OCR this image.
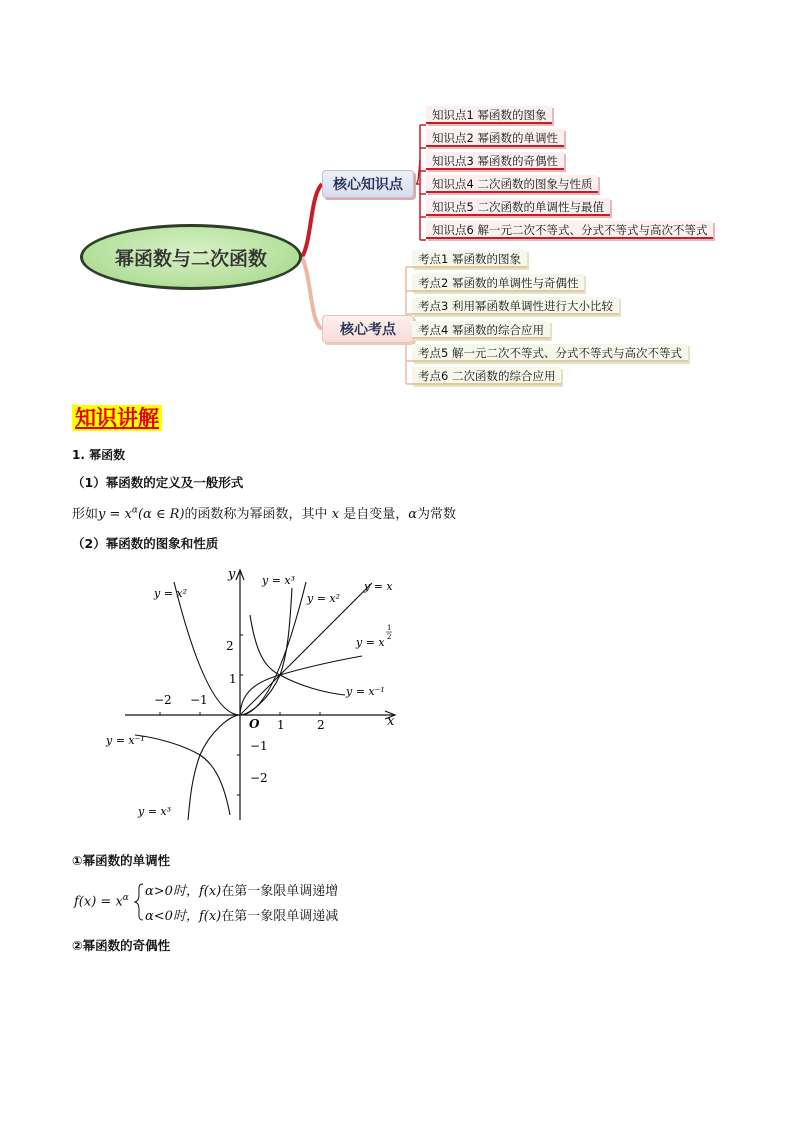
幂函数与二次函数
核心知识点
核心考点
知识点1 幂函数的图象
知识点2 幂函数的单调性
知识点3 幂函数的奇偶性
知识点4 二次函数的图象与性质
知识点5 二次函数的单调性与最值
知识点6 解一元二次不等式、分式不等式与高次不等式
考点1 幂函数的图象
考点2 幂函数的单调性与奇偶性
考点3 利用幂函数单调性进行大小比较
考点4 幂函数的综合应用
考点5 解一元二次不等式、分式不等式与高次不等式
考点6 二次函数的综合应用
知识讲解
1. 幂函数
（1）幂函数的定义及一般形式
形如$y = x^\alpha(\alpha$ ∈ R)的函数称为幂函数，其中 x 是自变量，α为常数
（2）幂函数的图象和性质
x
y
O
−2 −1
1	2
2
1
−1
−2
y = x²
y = x³
y = x²
y = x
y = x
1
2
y = x⁻¹
y = x⁻¹
y = x³
①幂函数的单调性
$f(x) = x^\alpha$ α>0时，f(x)在第一象限单调递增
α<0时，f(x)在第一象限单调递减
②幂函数的奇偶性
